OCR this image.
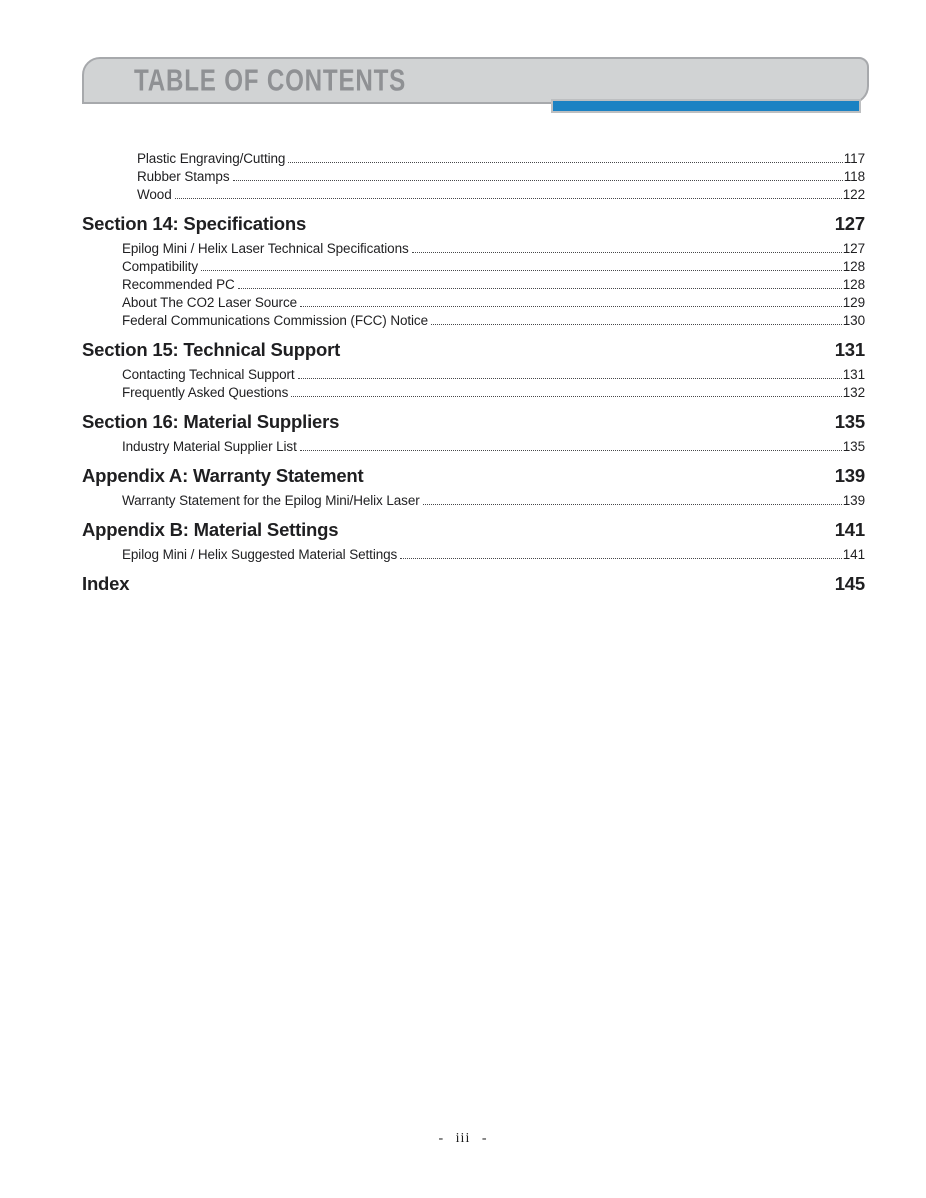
TABLE OF CONTENTS
Plastic Engraving/Cutting	117
Rubber Stamps	118
Wood	122
Section 14: Specifications	127
Epilog Mini / Helix Laser Technical Specifications	127
Compatibility	128
Recommended PC	128
About The CO2 Laser Source	129
Federal Communications Commission (FCC) Notice	130
Section 15: Technical Support	131
Contacting Technical Support	131
Frequently Asked Questions	132
Section 16: Material Suppliers	135
Industry Material Supplier List	135
Appendix A: Warranty Statement	139
Warranty Statement for the Epilog Mini/Helix Laser	139
Appendix B: Material Settings	141
Epilog Mini / Helix Suggested Material Settings	141
Index	145
- iii -
